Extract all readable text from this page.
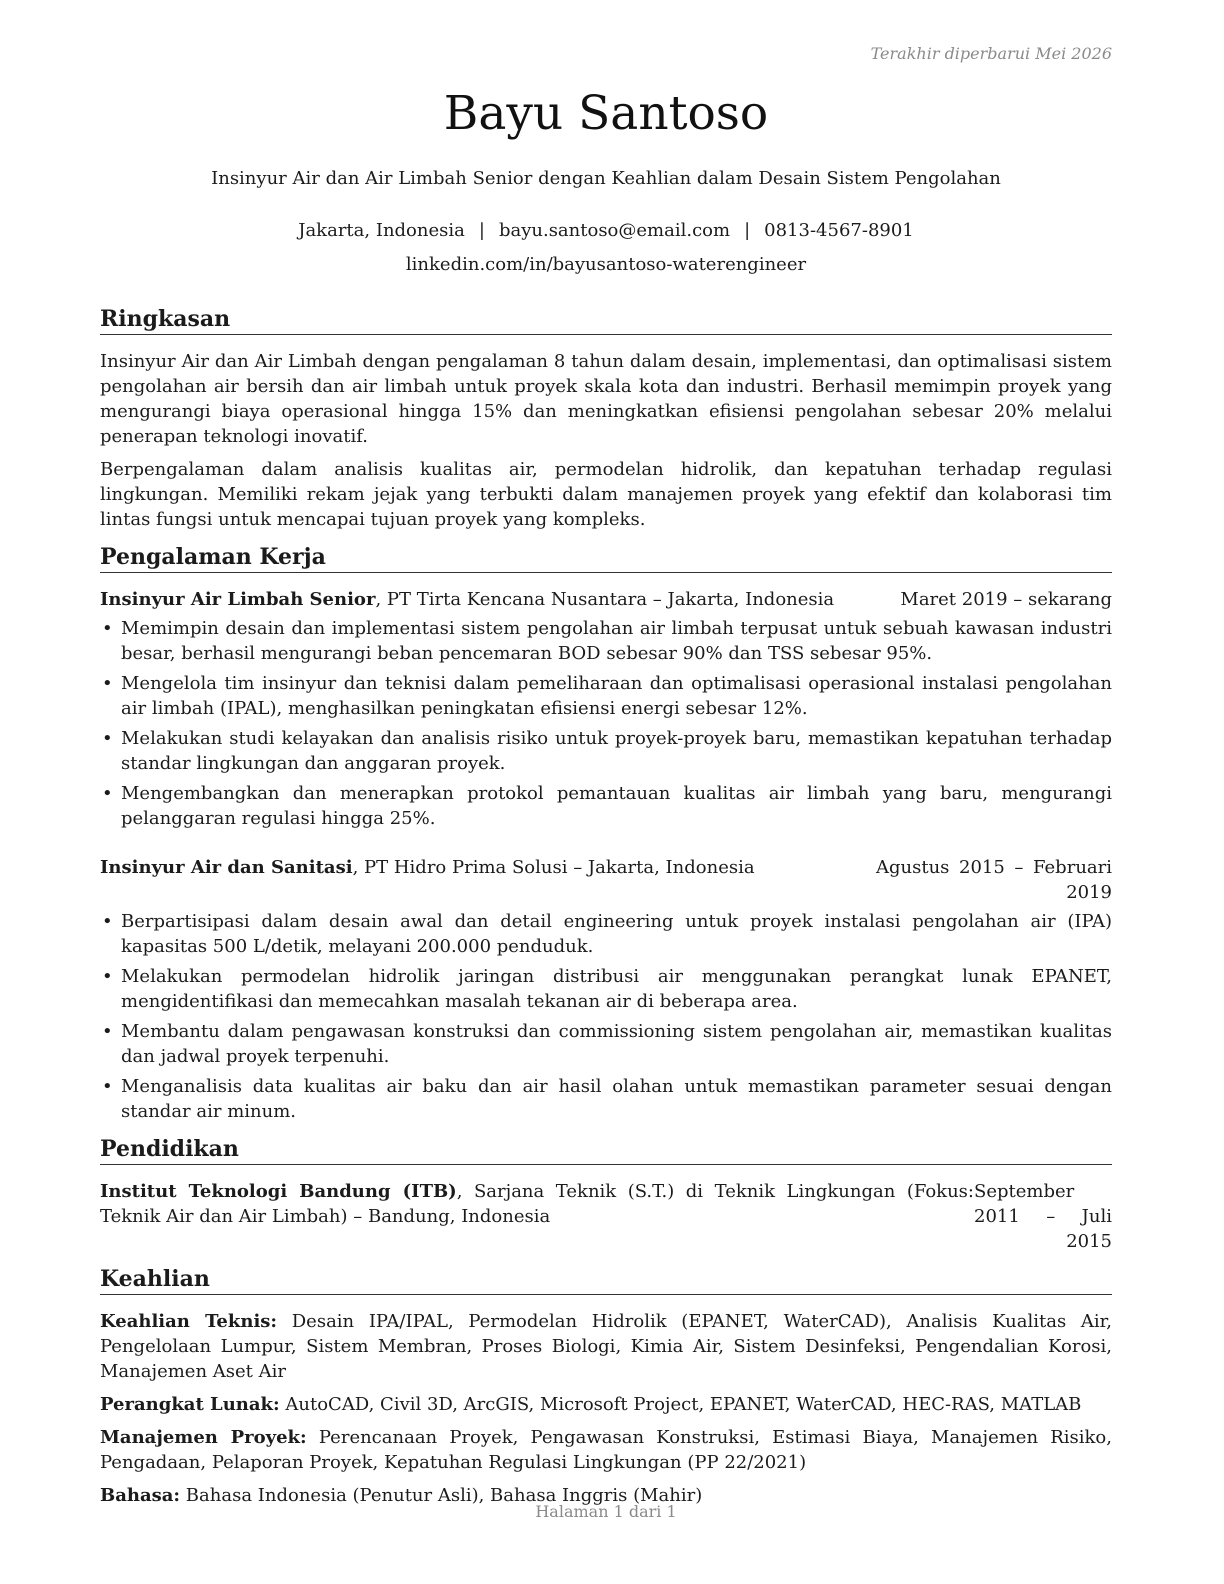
Terakhir diperbarui Mei 2026
Bayu Santoso
Insinyur Air dan Air Limbah Senior dengan Keahlian dalam Desain Sistem Pengolahan
Jakarta, Indonesia | bayu.santoso@email.com | 0813-4567-8901
linkedin.com/in/bayusantoso-waterengineer
Ringkasan

Insinyur Air dan Air Limbah dengan pengalaman 8 tahun dalam desain, implementasi, dan optimalisasi sistem pengolahan air bersih dan air limbah untuk proyek skala kota dan industri. Berhasil memimpin proyek yang mengurangi biaya operasional hingga 15% dan meningkatkan efisiensi pengolahan sebesar 20% melalui penerapan teknologi inovatif.

Berpengalaman dalam analisis kualitas air, permodelan hidrolik, dan kepatuhan terhadap regulasi lingkungan. Memiliki rekam jejak yang terbukti dalam manajemen proyek yang efektif dan kolaborasi tim lintas fungsi untuk mencapai tujuan proyek yang kompleks.

Pengalaman Kerja
Insinyur Air Limbah Senior, PT Tirta Kencana Nusantara – Jakarta, Indonesia	Maret 2019 – sekarang
• Memimpin desain dan implementasi sistem pengolahan air limbah terpusat untuk sebuah kawasan industri besar, berhasil mengurangi beban pencemaran BOD sebesar 90% dan TSS sebesar 95%.
• Mengelola tim insinyur dan teknisi dalam pemeliharaan dan optimalisasi operasional instalasi pengolahan air limbah (IPAL), menghasilkan peningkatan efisiensi energi sebesar 12%.
• Melakukan studi kelayakan dan analisis risiko untuk proyek-proyek baru, memastikan kepatuhan terhadap standar lingkungan dan anggaran proyek.
• Mengembangkan dan menerapkan protokol pemantauan kualitas air limbah yang baru, mengurangi pelanggaran regulasi hingga 25%.
Insinyur Air dan Sanitasi, PT Hidro Prima Solusi – Jakarta, Indonesia	Agustus 2015 – Februari 2019
• Berpartisipasi dalam desain awal dan detail engineering untuk proyek instalasi pengolahan air (IPA) kapasitas 500 L/detik, melayani 200.000 penduduk.
• Melakukan permodelan hidrolik jaringan distribusi air menggunakan perangkat lunak EPANET, mengidentifikasi dan memecahkan masalah tekanan air di beberapa area.
• Membantu dalam pengawasan konstruksi dan commissioning sistem pengolahan air, memastikan kualitas dan jadwal proyek terpenuhi.
• Menganalisis data kualitas air baku dan air hasil olahan untuk memastikan parameter sesuai dengan standar air minum.
Pendidikan
Institut Teknologi Bandung (ITB), Sarjana Teknik (S.T.) di Teknik Lingkungan (Fokus: Teknik Air dan Air Limbah) – Bandung, Indonesia
September 2011 – Juli 2015
Keahlian
Keahlian Teknis: Desain IPA/IPAL, Permodelan Hidrolik (EPANET, WaterCAD), Analisis Kualitas Air, Pengelolaan Lumpur, Sistem Membran, Proses Biologi, Kimia Air, Sistem Desinfeksi, Pengendalian Korosi, Manajemen Aset Air
Perangkat Lunak: AutoCAD, Civil 3D, ArcGIS, Microsoft Project, EPANET, WaterCAD, HEC-RAS, MATLAB
Manajemen Proyek: Perencanaan Proyek, Pengawasan Konstruksi, Estimasi Biaya, Manajemen Risiko, Pengadaan, Pelaporan Proyek, Kepatuhan Regulasi Lingkungan (PP 22/2021)
Bahasa: Bahasa Indonesia (Penutur Asli), Bahasa Inggris (Mahir)
Halaman 1 dari 1
